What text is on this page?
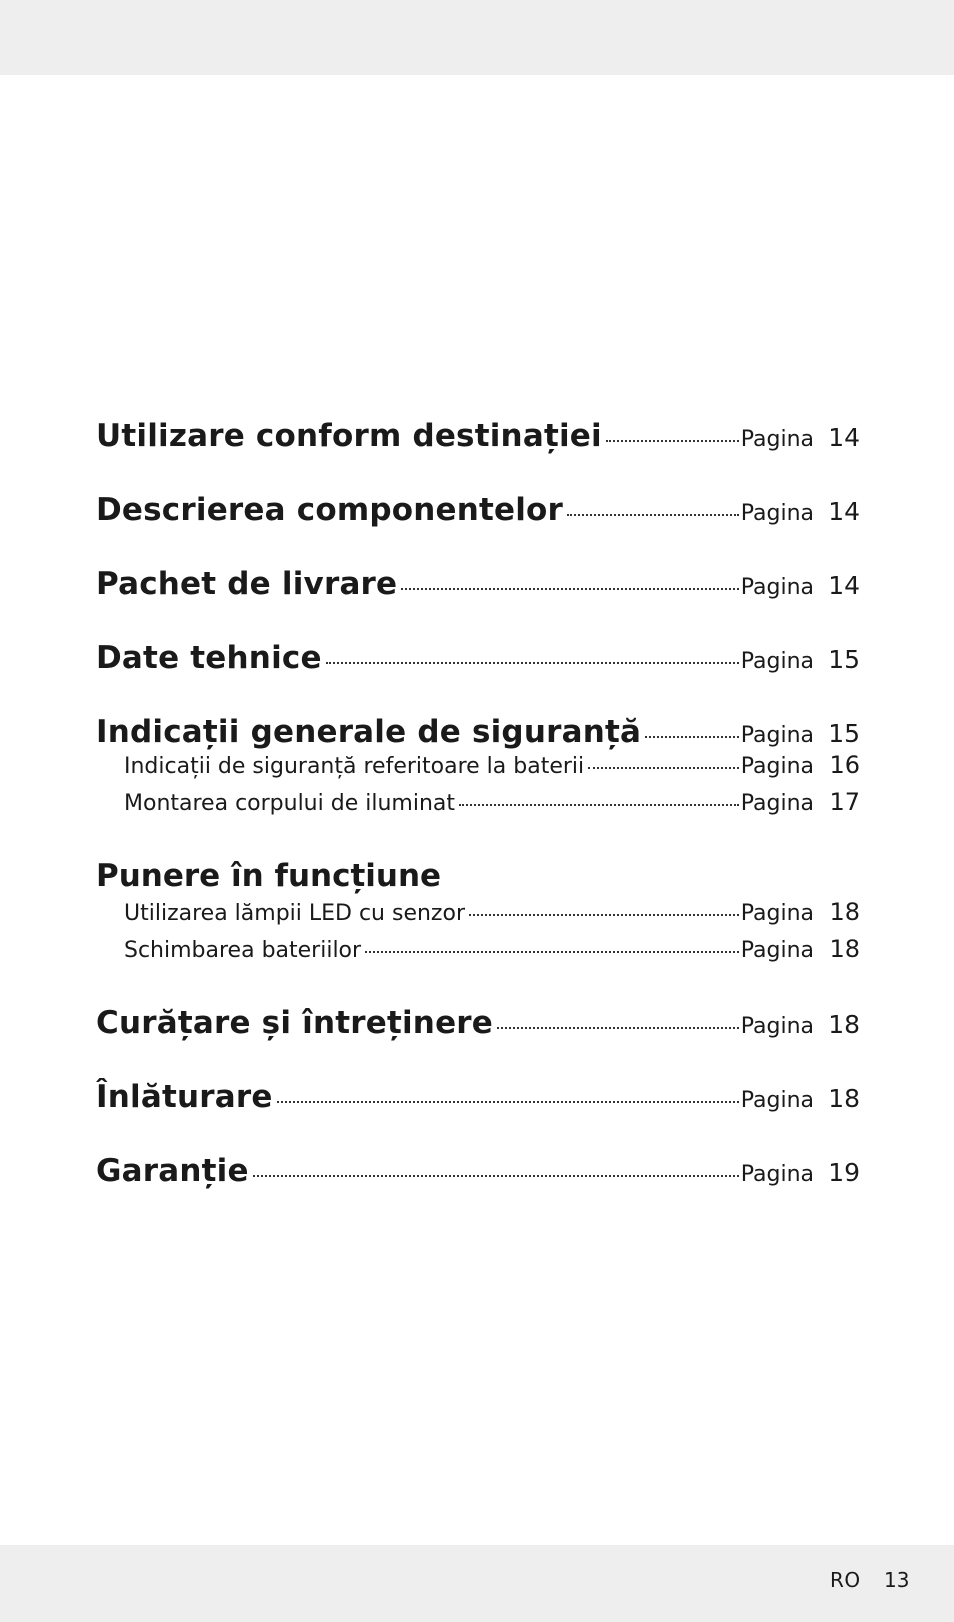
Utilizare conform destinației	Pagina 14
Descrierea componentelor	Pagina 14
Pachet de livrare	Pagina 14
Date tehnice	Pagina 15
Indicații generale de siguranță	Pagina 15
Indicații de siguranță referitoare la baterii	Pagina 16
Montarea corpului de iluminat	Pagina 17
Punere în funcțiune
Utilizarea lămpii LED cu senzor	Pagina 18
Schimbarea bateriilor	Pagina 18
Curățare și întreținere	Pagina 18
Înlăturare	Pagina 18
Garanție	Pagina 19
RO 13
